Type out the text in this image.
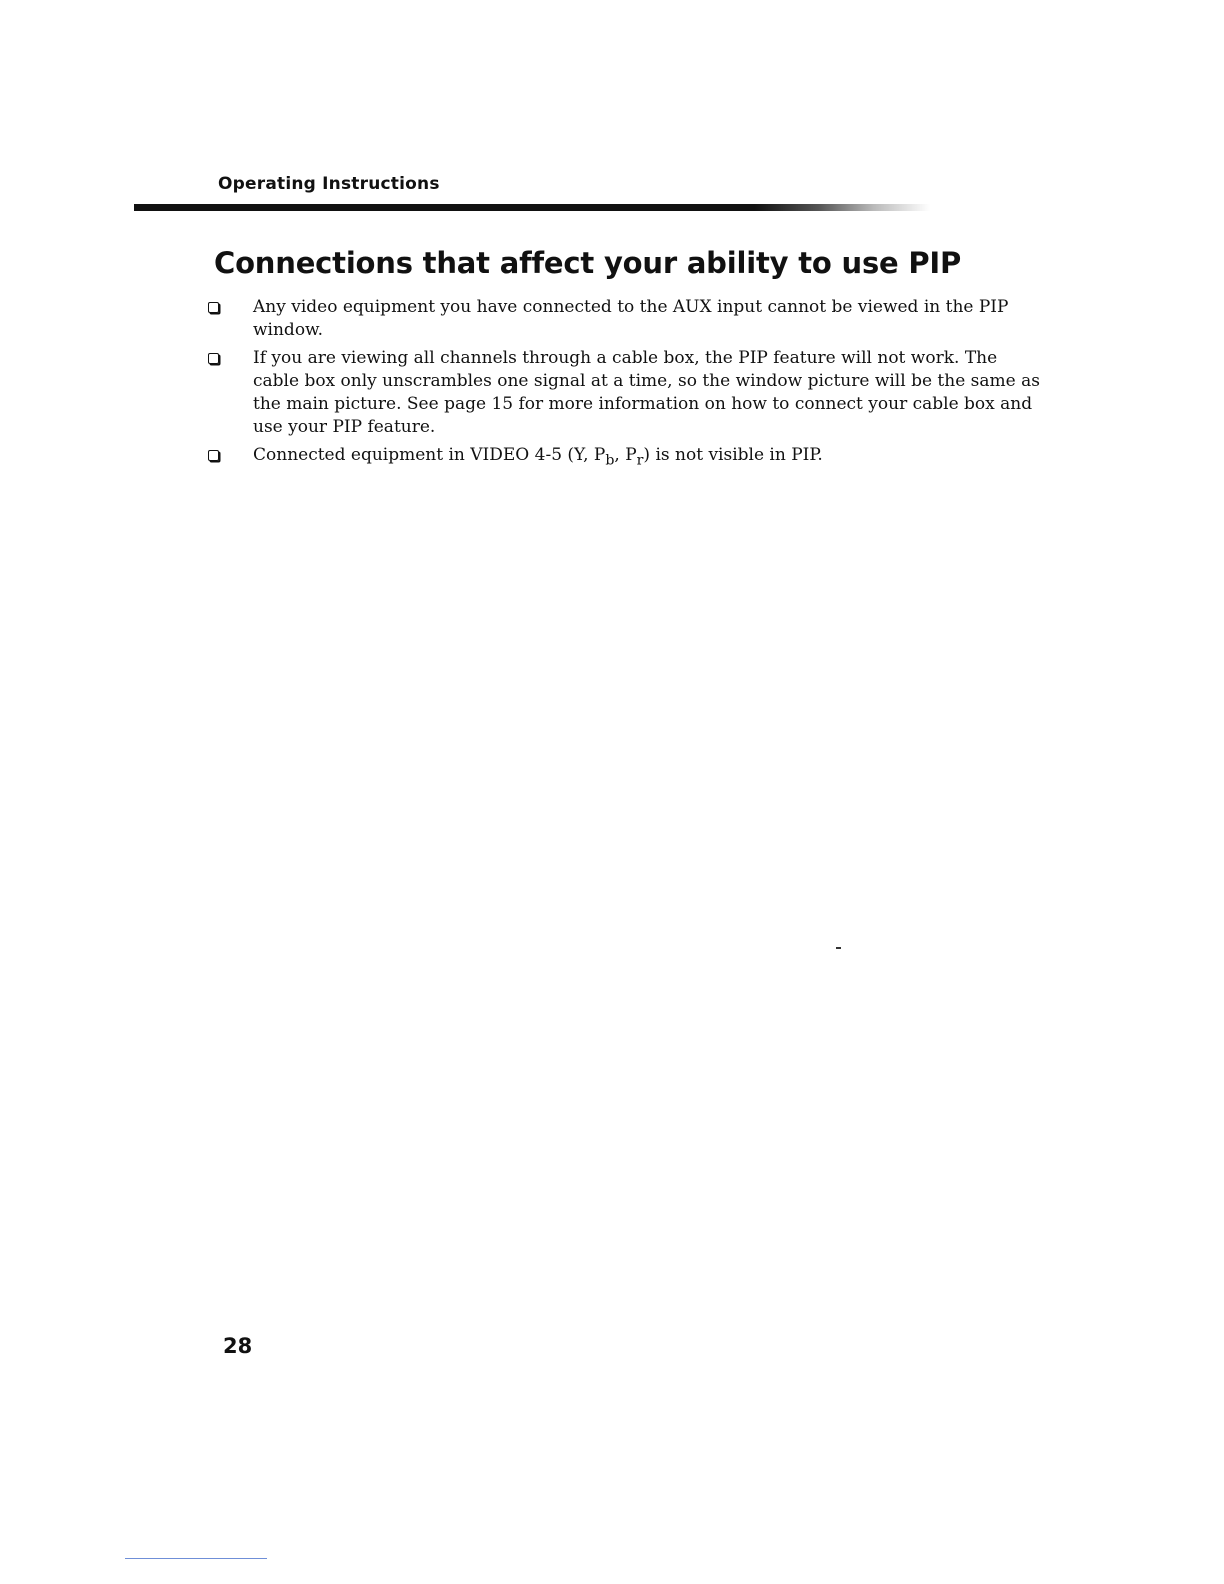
Operating Instructions
Connections that affect your ability to use PIP
Any video equipment you have connected to the AUX input cannot be viewed in the PIP window.
If you are viewing all channels through a cable box, the PIP feature will not work. The cable box only unscrambles one signal at a time, so the window picture will be the same as the main picture. See page 15 for more information on how to connect your cable box and use your PIP feature.
Connected equipment in VIDEO 4-5 (Y, $P_b$, $P_r$) is not visible in PIP.
28
